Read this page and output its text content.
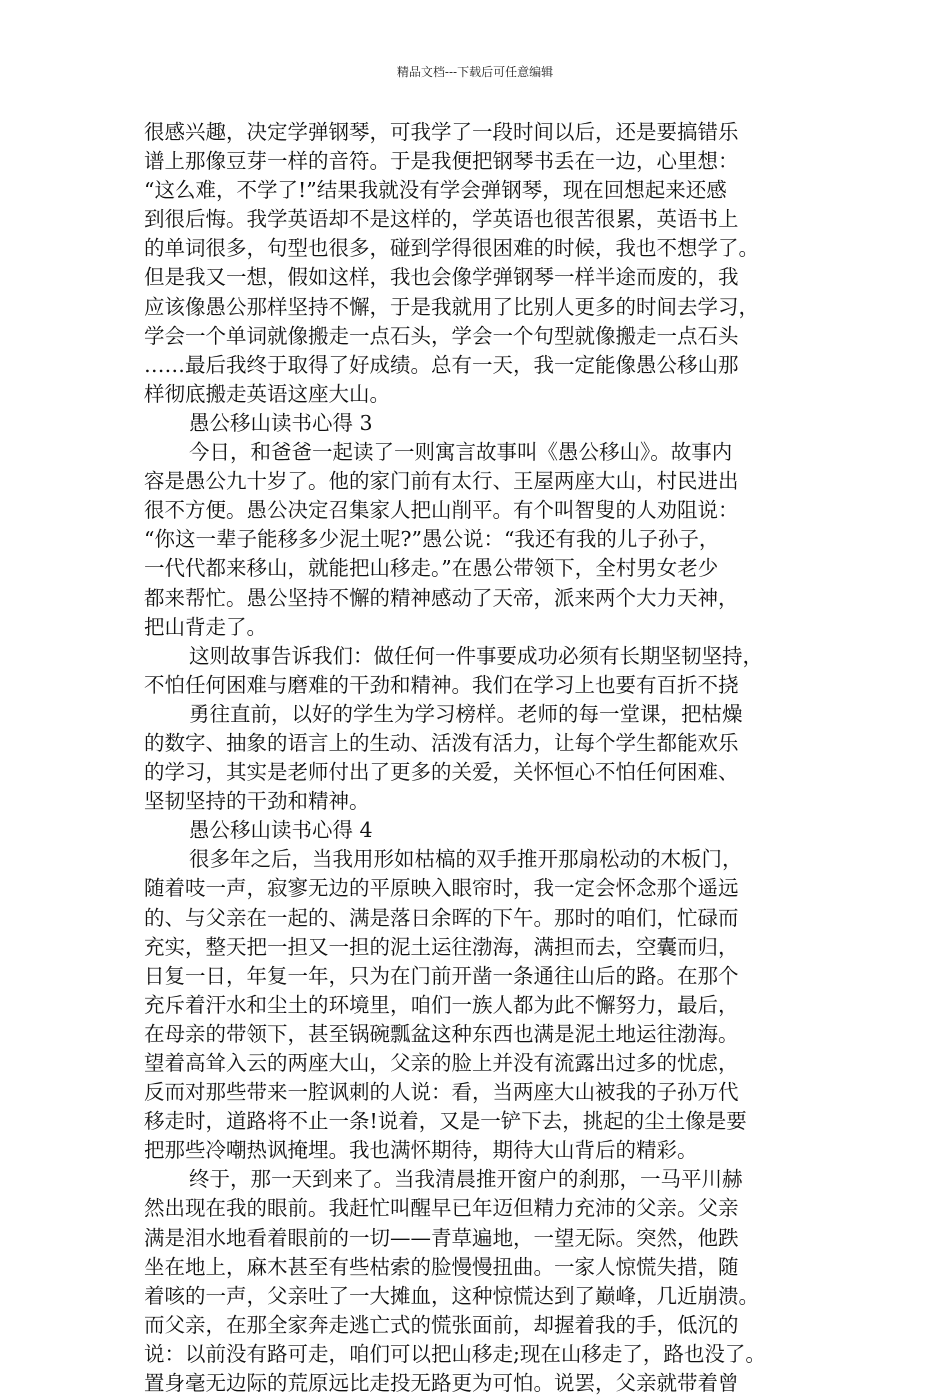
精品文档---下载后可任意编辑
很感兴趣，决定学弹钢琴，可我学了一段时间以后，还是要搞错乐
谱上那像豆芽一样的音符。于是我便把钢琴书丢在一边，心里想：
“这么难，不学了!”结果我就没有学会弹钢琴，现在回想起来还感
到很后悔。我学英语却不是这样的，学英语也很苦很累，英语书上
的单词很多，句型也很多，碰到学得很困难的时候，我也不想学了。
但是我又一想，假如这样，我也会像学弹钢琴一样半途而废的，我
应该像愚公那样坚持不懈，于是我就用了比别人更多的时间去学习，
学会一个单词就像搬走一点石头，学会一个句型就像搬走一点石头
……最后我终于取得了好成绩。总有一天，我一定能像愚公移山那
样彻底搬走英语这座大山。
愚公移山读书心得 3
今日，和爸爸一起读了一则寓言故事叫《愚公移山》。故事内
容是愚公九十岁了。他的家门前有太行、王屋两座大山，村民进出
很不方便。愚公决定召集家人把山削平。有个叫智叟的人劝阻说：
“你这一辈子能移多少泥土呢?”愚公说：“我还有我的儿子孙子，
一代代都来移山，就能把山移走。”在愚公带领下，全村男女老少
都来帮忙。愚公坚持不懈的精神感动了天帝，派来两个大力天神，
把山背走了。
这则故事告诉我们：做任何一件事要成功必须有长期坚韧坚持，
不怕任何困难与磨难的干劲和精神。我们在学习上也要有百折不挠
勇往直前，以好的学生为学习榜样。老师的每一堂课，把枯燥
的数字、抽象的语言上的生动、活泼有活力，让每个学生都能欢乐
的学习，其实是老师付出了更多的关爱，关怀恒心不怕任何困难、
坚韧坚持的干劲和精神。
愚公移山读书心得 4
很多年之后，当我用形如枯槁的双手推开那扇松动的木板门，
随着吱一声，寂寥无边的平原映入眼帘时，我一定会怀念那个遥远
的、与父亲在一起的、满是落日余晖的下午。那时的咱们，忙碌而
充实，整天把一担又一担的泥土运往渤海，满担而去，空囊而归，
日复一日，年复一年，只为在门前开凿一条通往山后的路。在那个
充斥着汗水和尘土的环境里，咱们一族人都为此不懈努力，最后，
在母亲的带领下，甚至锅碗瓢盆这种东西也满是泥土地运往渤海。
望着高耸入云的两座大山，父亲的脸上并没有流露出过多的忧虑，
反而对那些带来一腔讽刺的人说：看，当两座大山被我的子孙万代
移走时，道路将不止一条!说着，又是一铲下去，挑起的尘土像是要
把那些冷嘲热讽掩埋。我也满怀期待，期待大山背后的精彩。
终于，那一天到来了。当我清晨推开窗户的刹那，一马平川赫
然出现在我的眼前。我赶忙叫醒早已年迈但精力充沛的父亲。父亲
满是泪水地看着眼前的一切——青草遍地，一望无际。突然，他跌
坐在地上，麻木甚至有些枯索的脸慢慢扭曲。一家人惊慌失措，随
着咳的一声，父亲吐了一大摊血，这种惊慌达到了巅峰，几近崩溃。
而父亲，在那全家奔走逃亡式的慌张面前，却握着我的手，低沉的
说：以前没有路可走，咱们可以把山移走;现在山移走了，路也没了。
置身毫无边际的荒原远比走投无路更为可怕。说罢，父亲就带着曾
